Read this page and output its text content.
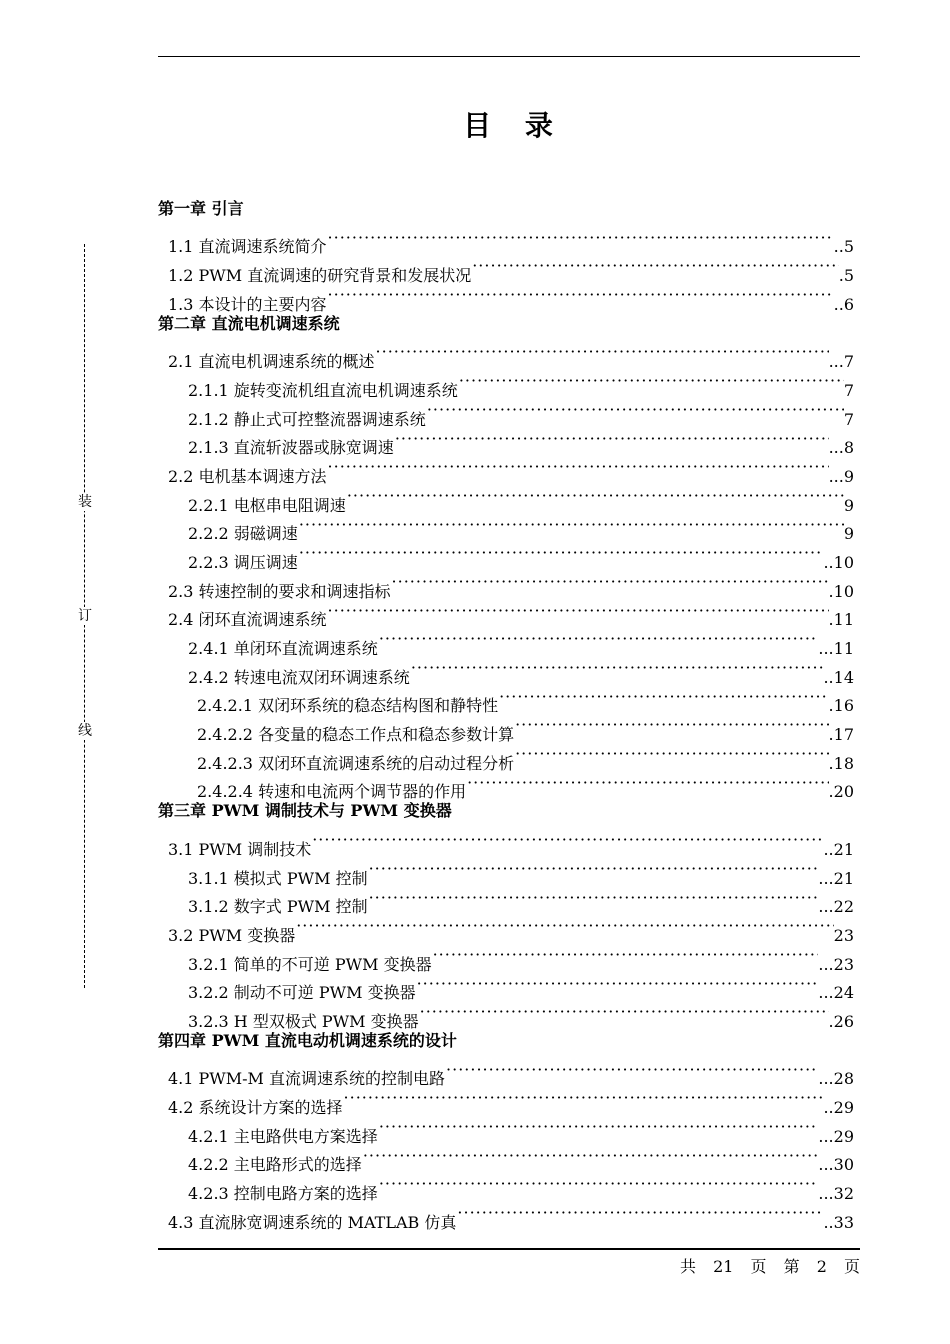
目 录
装
订
线
第一章 引言
1.1 直流调速系统简介 ·····	..5
1.2 PWM 直流调速的研究背景和发展状况 ·····	.5
1.3 本设计的主要内容 ·····	..6
第二章 直流电机调速系统
2.1 直流电机调速系统的概述 ·····	...7
2.1.1 旋转变流机组直流电机调速系统 ·····	7
2.1.2 静止式可控整流器调速系统 ·····	7
2.1.3 直流斩波器或脉宽调速 ·····	...8
2.2 电机基本调速方法 ·····	...9
2.2.1 电枢串电阻调速 ·····	9
2.2.2 弱磁调速 ·····	9
2.2.3 调压调速 ·····	..10
2.3 转速控制的要求和调速指标 ·····	.10
2.4 闭环直流调速系统 ·····	.11
2.4.1 单闭环直流调速系统 ·····	...11
2.4.2 转速电流双闭环调速系统 ·····	..14
2.4.2.1 双闭环系统的稳态结构图和静特性 ·····	.16
2.4.2.2 各变量的稳态工作点和稳态参数计算 ·····	.17
2.4.2.3 双闭环直流调速系统的启动过程分析 ·····	.18
2.4.2.4 转速和电流两个调节器的作用 ·····	.20
第三章 PWM 调制技术与 PWM 变换器
3.1 PWM 调制技术 ·····	..21
3.1.1 模拟式 PWM 控制 ·····	...21
3.1.2 数字式 PWM 控制 ·····	...22
3.2 PWM 变换器 ·····	23
3.2.1 简单的不可逆 PWM 变换器 ·····	...23
3.2.2 制动不可逆 PWM 变换器 ·····	...24
3.2.3 H 型双极式 PWM 变换器 ·····	.26
第四章 PWM 直流电动机调速系统的设计
4.1 PWM-M 直流调速系统的控制电路 ·····	...28
4.2 系统设计方案的选择 ·····	..29
4.2.1 主电路供电方案选择 ·····	...29
4.2.2 主电路形式的选择 ·····	...30
4.2.3 控制电路方案的选择 ·····	...32
4.3 直流脉宽调速系统的 MATLAB 仿真 ·····	..33
共 21 页 第 2 页
